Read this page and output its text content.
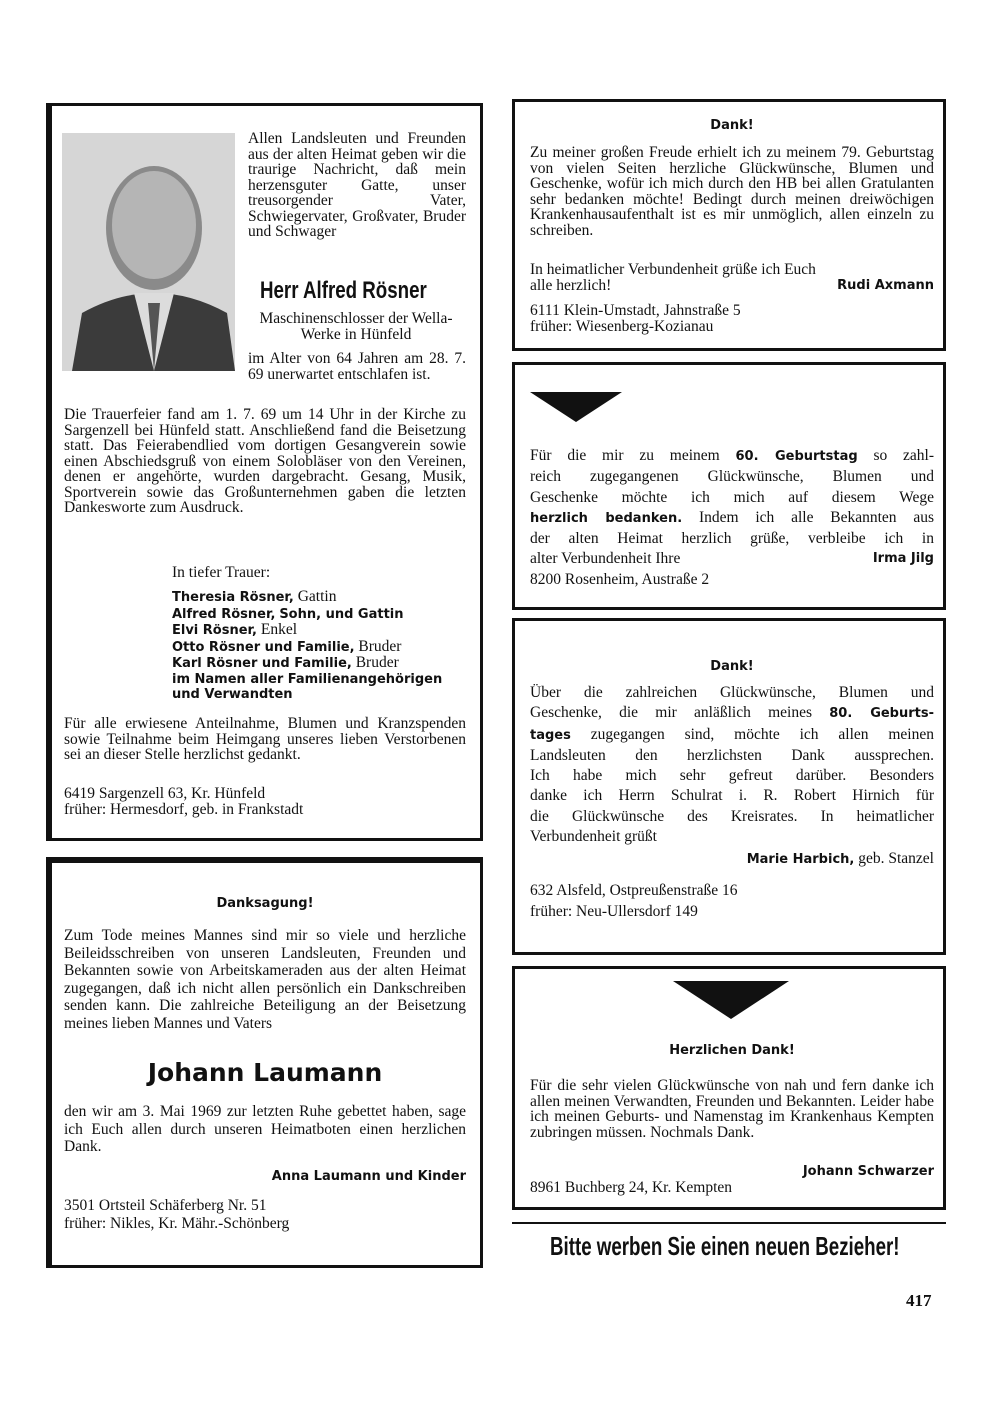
Allen Landsleuten und Freunden aus der alten Heimat geben wir die traurige Nachricht, daß mein herzensguter Gatte, unser treusorgender Vater, Schwiegervater, Großvater, Bruder und Schwager
Herr Alfred Rösner
Maschinenschlosser der Wella-Werke in Hünfeld
im Alter von 64 Jahren am 28. 7. 69 unerwartet entschlafen ist.
Die Trauerfeier fand am 1. 7. 69 um 14 Uhr in der Kirche zu Sargenzell bei Hünfeld statt. Anschließend fand die Beisetzung statt. Das Feierabendlied vom dortigen Gesangverein sowie einen Abschiedsgruß von einem Solobläser von den Vereinen, denen er angehörte, wurden dargebracht. Gesang, Musik, Sportverein sowie das Großunternehmen gaben die letzten Dankesworte zum Ausdruck.
In tiefer Trauer:
Theresia Rösner, Gattin
Alfred Rösner, Sohn, und Gattin
Elvi Rösner, Enkel
Otto Rösner und Familie, Bruder
Karl Rösner und Familie, Bruder
im Namen aller Familienangehörigen
und Verwandten
Für alle erwiesene Anteilnahme, Blumen und Kranzspenden sowie Teilnahme beim Heimgang unseres lieben Verstorbenen sei an dieser Stelle herzlichst gedankt.
6419 Sargenzell 63, Kr. Hünfeld
früher: Hermesdorf, geb. in Frankstadt
Danksagung!
Zum Tode meines Mannes sind mir so viele und herzliche Beileidsschreiben von unseren Landsleuten, Freunden und Bekannten sowie von Arbeitskameraden aus der alten Heimat zugegangen, daß ich nicht allen persönlich ein Dankschreiben senden kann. Die zahlreiche Beteiligung an der Beisetzung meines lieben Mannes und Vaters
Johann Laumann
den wir am 3. Mai 1969 zur letzten Ruhe gebettet haben, sage ich Euch allen durch unseren Heimatboten einen herzlichen Dank.
Anna Laumann und Kinder
3501 Ortsteil Schäferberg Nr. 51
früher: Nikles, Kr. Mähr.-Schönberg
Dank!
Zu meiner großen Freude erhielt ich zu meinem 79. Geburtstag von vielen Seiten herzliche Glückwünsche, Blumen und Geschenke, wofür ich mich durch den HB bei allen Gratulanten sehr bedanken möchte! Bedingt durch meinen dreiwöchigen Krankenhausaufenthalt ist es mir unmöglich, allen einzeln zu schreiben.
In heimatlicher Verbundenheit grüße ich Euch
alle herzlich!	Rudi Axmann
6111 Klein-Umstadt, Jahnstraße 5
früher: Wiesenberg-Kozianau
Für die mir zu meinem 60. Geburtstag so zahl-
reich zugegangenen Glückwünsche, Blumen und
Geschenke möchte ich mich auf diesem Wege
herzlich bedanken. Indem ich alle Bekannten aus
der alten Heimat herzlich grüße, verbleibe ich in
alter Verbundenheit Ihre	Irma Jilg
8200 Rosenheim, Austraße 2
Dank!
Über die zahlreichen Glückwünsche, Blumen und
Geschenke, die mir anläßlich meines 80. Geburts-
tages zugegangen sind, möchte ich allen meinen
Landsleuten den herzlichsten Dank aussprechen.
Ich habe mich sehr gefreut darüber. Besonders
danke ich Herrn Schulrat i. R. Robert Hirnich für
die Glückwünsche des Kreisrates. In heimatlicher
Verbundenheit grüßt
Marie Harbich, geb. Stanzel
632 Alsfeld, Ostpreußenstraße 16
früher: Neu-Ullersdorf 149
Herzlichen Dank!
Für die sehr vielen Glückwünsche von nah und fern danke ich allen meinen Verwandten, Freunden und Bekannten. Leider habe ich meinen Geburts- und Namenstag im Krankenhaus Kempten zubringen müssen. Nochmals Dank.
Johann Schwarzer
8961 Buchberg 24, Kr. Kempten
Bitte werben Sie einen neuen Bezieher!
417
